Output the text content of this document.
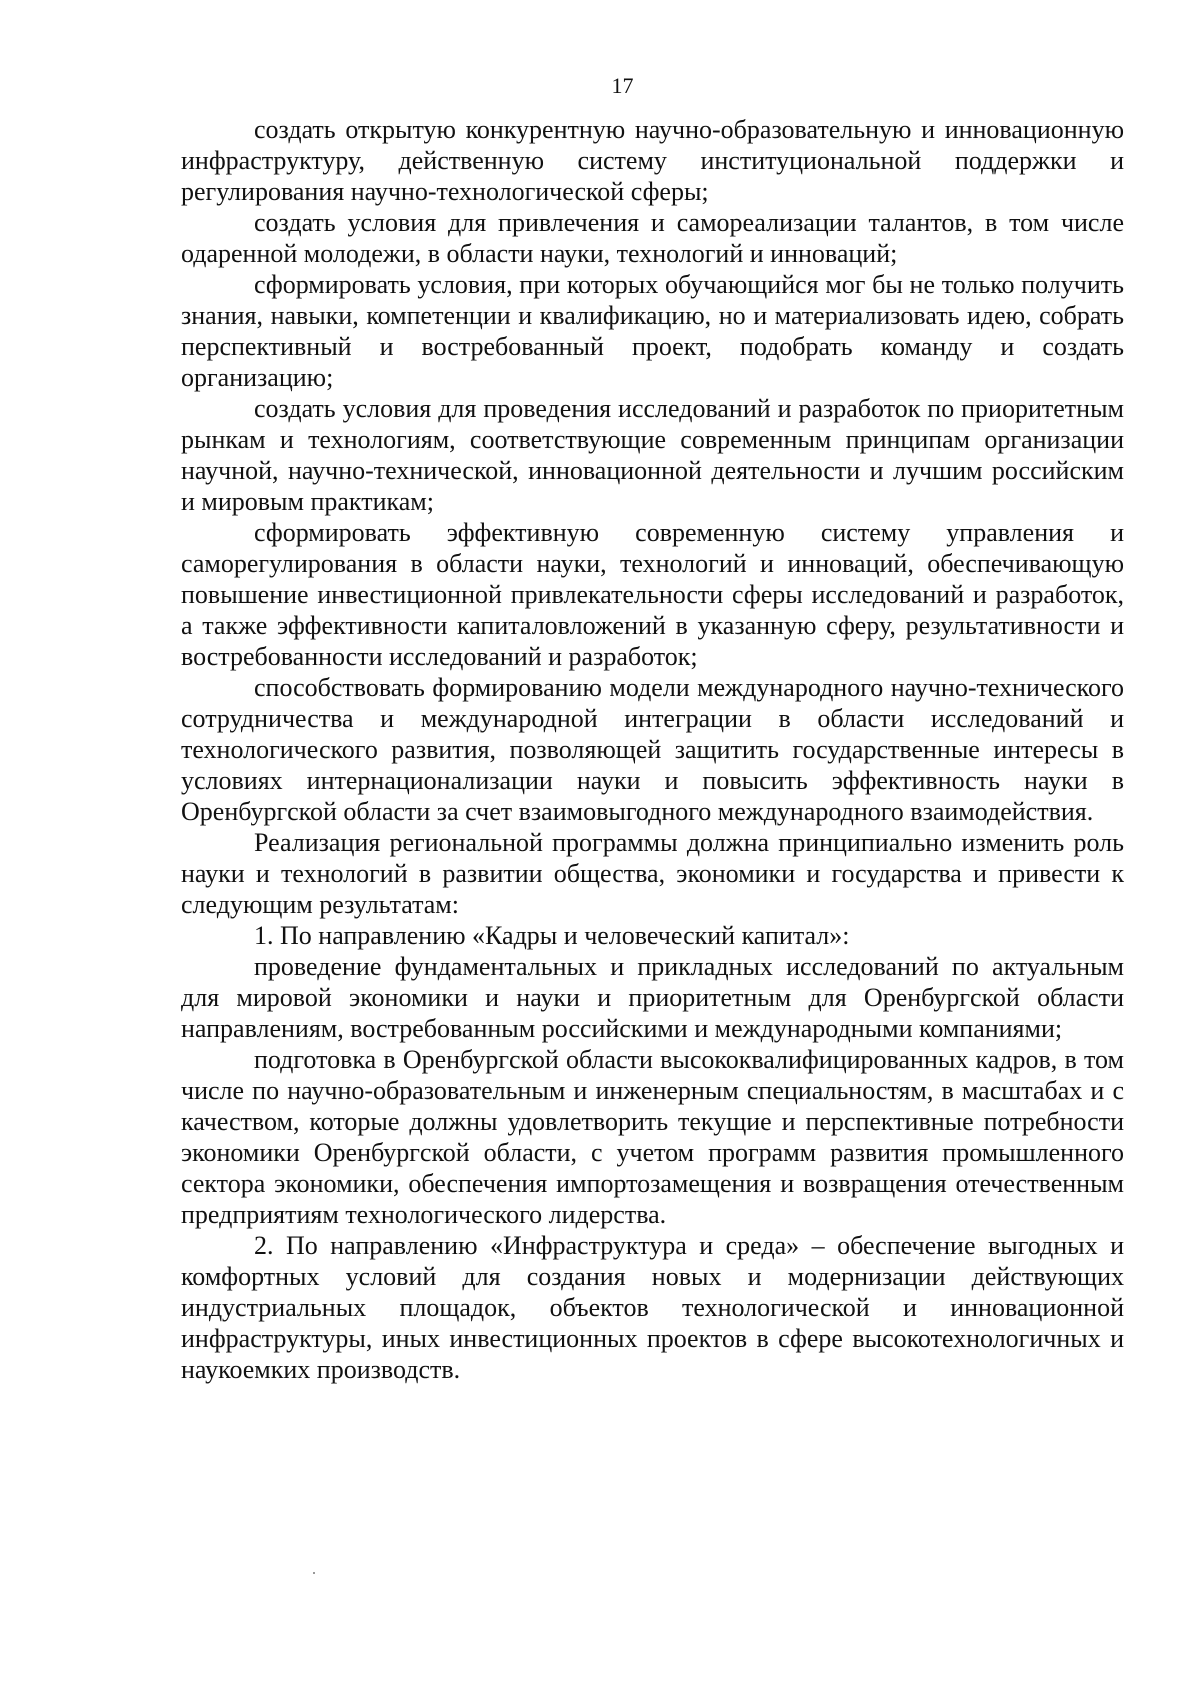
17

создать открытую конкурентную научно-образовательную и инновационную инфраструктуру, действенную систему институциональной поддержки и регулирования научно-технологической сферы;

создать условия для привлечения и самореализации талантов, в том числе одаренной молодежи, в области науки, технологий и инноваций;

сформировать условия, при которых обучающийся мог бы не только получить знания, навыки, компетенции и квалификацию, но и материализовать идею, собрать перспективный и востребованный проект, подобрать команду и создать организацию;

создать условия для проведения исследований и разработок по приоритетным рынкам и технологиям, соответствующие современным принципам организации научной, научно-технической, инновационной деятельности и лучшим российским и мировым практикам;

сформировать эффективную современную систему управления и саморегулирования в области науки, технологий и инноваций, обеспечивающую повышение инвестиционной привлекательности сферы исследований и разработок, а также эффективности капиталовложений в указанную сферу, результативности и востребованности исследований и разработок;

способствовать формированию модели международного научно-технического сотрудничества и международной интеграции в области исследований и технологического развития, позволяющей защитить государственные интересы в условиях интернационализации науки и повысить эффективность науки в Оренбургской области за счет взаимовыгодного международного взаимодействия.

Реализация региональной программы должна принципиально изменить роль науки и технологий в развитии общества, экономики и государства и привести к следующим результатам:

1. По направлению «Кадры и человеческий капитал»:

проведение фундаментальных и прикладных исследований по актуальным для мировой экономики и науки и приоритетным для Оренбургской области направлениям, востребованным российскими и международными компаниями;

подготовка в Оренбургской области высококвалифицированных кадров, в том числе по научно-образовательным и инженерным специальностям, в масштабах и с качеством, которые должны удовлетворить текущие и перспективные потребности экономики Оренбургской области, с учетом программ развития промышленного сектора экономики, обеспечения импортозамещения и возвращения отечественным предприятиям технологического лидерства.

2. По направлению «Инфраструктура и среда» – обеспечение выгодных и комфортных условий для создания новых и модернизации действующих индустриальных площадок, объектов технологической и инновационной инфраструктуры, иных инвестиционных проектов в сфере высокотехнологичных и наукоемких производств.
